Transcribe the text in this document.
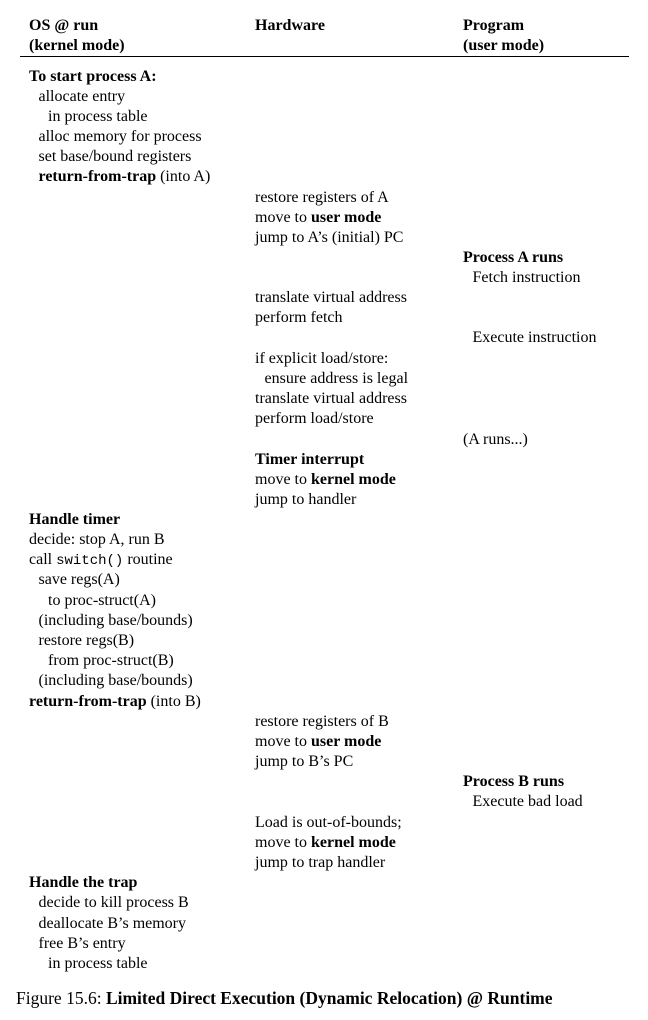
OS @ run
(kernel mode)
Hardware	Program
(user mode)
To start process A:
allocate entry
in process table
alloc memory for process
set base/bound registers
return-from-trap (into A)
Handle timer
decide: stop A, run B
call switch() routine
save regs(A)
to proc-struct(A)
(including base/bounds)
restore regs(B)
from proc-struct(B)
(including base/bounds)
return-from-trap (into B)
Handle the trap
decide to kill process B
deallocate B’s memory
free B’s entry
in process table
restore registers of A
move to user mode
jump to A’s (initial) PC
translate virtual address
perform fetch
if explicit load/store:
ensure address is legal
translate virtual address
perform load/store
Timer interrupt
move to kernel mode
jump to handler
restore registers of B
move to user mode
jump to B’s PC
Load is out-of-bounds;
move to kernel mode
jump to trap handler
Process A runs
Fetch instruction
Execute instruction
(A runs...)
Process B runs
Execute bad load
Figure 15.6: Limited Direct Execution (Dynamic Relocation) @ Runtime
